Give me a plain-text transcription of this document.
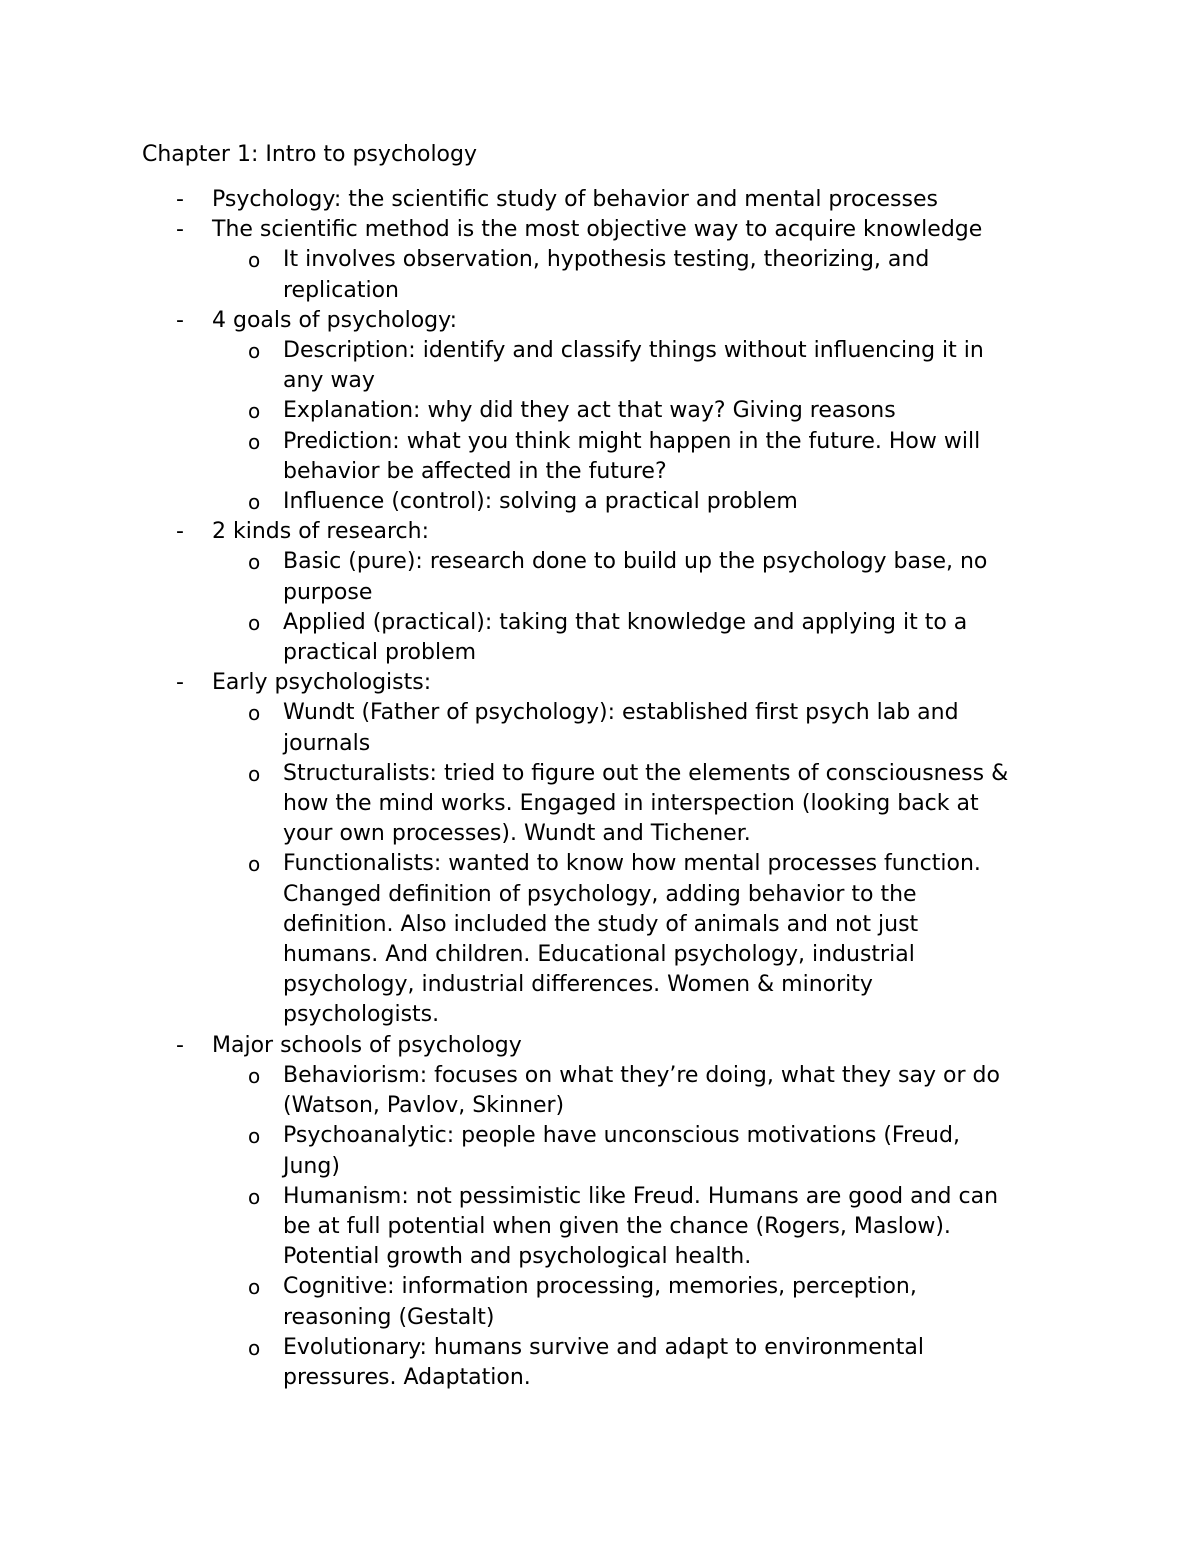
Chapter 1: Intro to psychology
-	Psychology: the scientific study of behavior and mental processes
-	The scientific method is the most objective way to acquire knowledge
o	It involves observation, hypothesis testing, theorizing, and
replication
-	4 goals of psychology:
o	Description: identify and classify things without influencing it in
any way
o	Explanation: why did they act that way? Giving reasons
o	Prediction: what you think might happen in the future. How will
behavior be affected in the future?
o	Influence (control): solving a practical problem
-	2 kinds of research:
o	Basic (pure): research done to build up the psychology base, no
purpose
o	Applied (practical): taking that knowledge and applying it to a
practical problem
-	Early psychologists:
o	Wundt (Father of psychology): established first psych lab and
journals
o	Structuralists: tried to figure out the elements of consciousness &
how the mind works. Engaged in interspection (looking back at
your own processes). Wundt and Tichener.
o	Functionalists: wanted to know how mental processes function.
Changed definition of psychology, adding behavior to the
definition. Also included the study of animals and not just
humans. And children. Educational psychology, industrial
psychology, industrial differences. Women & minority
psychologists.
-	Major schools of psychology
o	Behaviorism: focuses on what they’re doing, what they say or do
(Watson, Pavlov, Skinner)
o	Psychoanalytic: people have unconscious motivations (Freud,
Jung)
o	Humanism: not pessimistic like Freud. Humans are good and can
be at full potential when given the chance (Rogers, Maslow).
Potential growth and psychological health.
o	Cognitive: information processing, memories, perception,
reasoning (Gestalt)
o	Evolutionary: humans survive and adapt to environmental
pressures. Adaptation.
